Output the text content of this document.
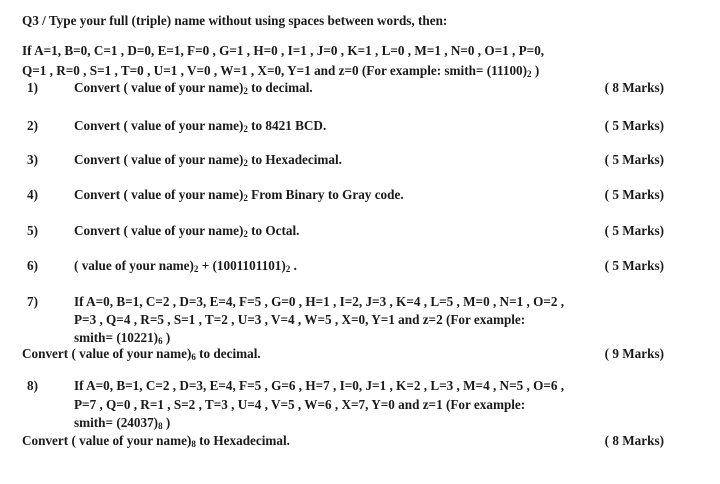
Q3 / Type your full (triple) name without using spaces between words, then:
If A=1, B=0, C=1 , D=0, E=1, F=0 , G=1 , H=0 , I=1 , J=0 , K=1 , L=0 , M=1 , N=0 , O=1 , P=0,
Q=1 , R=0 , S=1 , T=0 , U=1 , V=0 , W=1 , X=0, Y=1 and z=0 (For example: smith= $(11100)_2$ )
1)	Convert ( value of your $name)_2$ to decimal.	( 8 Marks)
2)	Convert ( value of your $name)_2$ to 8421 BCD.	( 5 Marks)
3)	Convert ( value of your $name)_2$ to Hexadecimal.	( 5 Marks)
4)	Convert ( value of your $name)_2$ From Binary to Gray code.	( 5 Marks)
5)	Convert ( value of your $name)_2$ to Octal.	( 5 Marks)
6)	( value of your $name)_2 + (1001101101)_2$ .	( 5 Marks)
7)	If A=0, B=1, C=2 , D=3, E=4, F=5 , G=0 , H=1 , I=2, J=3 , K=4 , L=5 , M=0 , N=1 , O=2 ,
P=3 , Q=4 , R=5 , S=1 , T=2 , U=3 , V=4 , W=5 , X=0, Y=1 and z=2 (For example:
smith= $(10221)_6$ )
Convert ( value of your $name)_6$ to decimal.	( 9 Marks)
8)	If A=0, B=1, C=2 , D=3, E=4, F=5 , G=6 , H=7 , I=0, J=1 , K=2 , L=3 , M=4 , N=5 , O=6 ,
P=7 , Q=0 , R=1 , S=2 , T=3 , U=4 , V=5 , W=6 , X=7, Y=0 and z=1 (For example:
smith= $(24037)_8$ )
Convert ( value of your $name)_8$ to Hexadecimal.	( 8 Marks)
